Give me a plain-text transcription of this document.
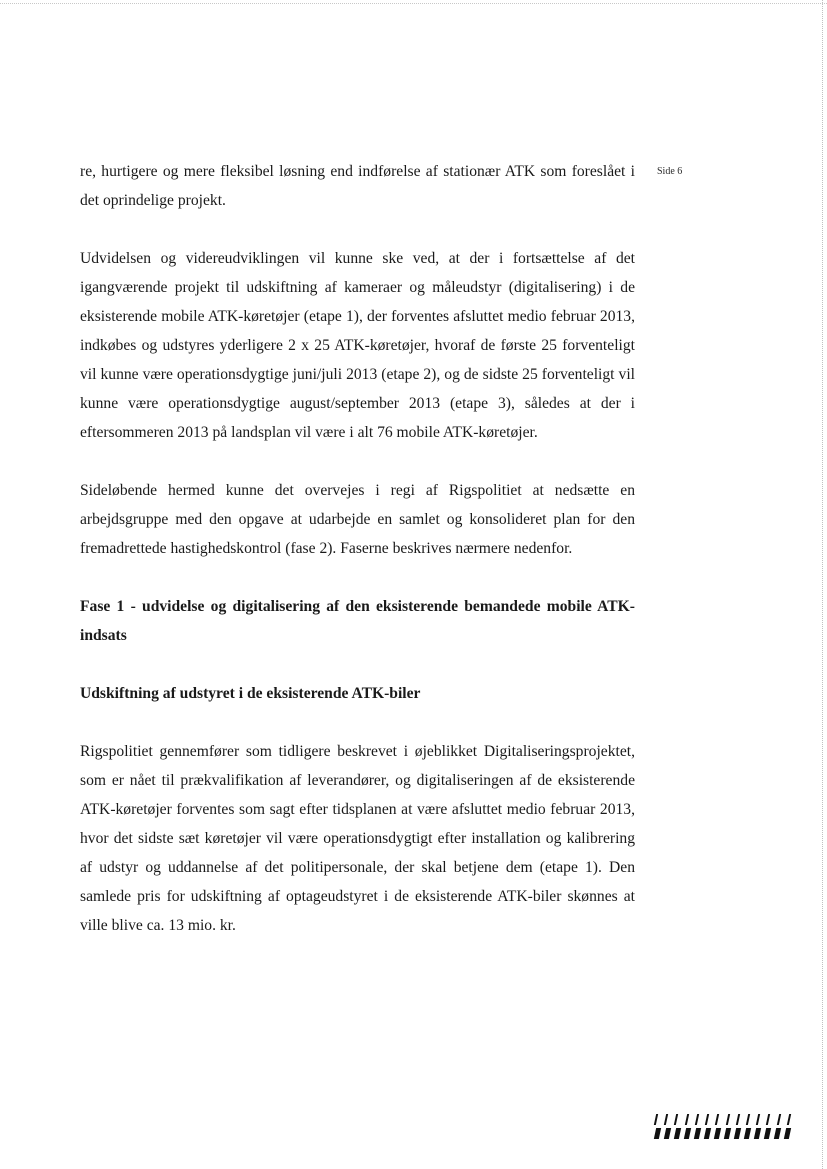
Side 6

re, hurtigere og mere fleksibel løsning end indførelse af stationær ATK som foreslået i det oprindelige projekt.

Udvidelsen og videreudviklingen vil kunne ske ved, at der i fortsættelse af det igangværende projekt til udskiftning af kameraer og måleudstyr (digitalisering) i de eksisterende mobile ATK-køretøjer (etape 1), der forventes afsluttet medio februar 2013, indkøbes og udstyres yderligere 2 x 25 ATK-køretøjer, hvoraf de første 25 forventeligt vil kunne være operationsdygtige juni/juli 2013 (etape 2), og de sidste 25 forventeligt vil kunne være operationsdygtige august/september 2013 (etape 3), således at der i eftersommeren 2013 på landsplan vil være i alt 76 mobile ATK-køretøjer.

Sideløbende hermed kunne det overvejes i regi af Rigspolitiet at nedsætte en arbejdsgruppe med den opgave at udarbejde en samlet og konsolideret plan for den fremadrettede hastighedskontrol (fase 2). Faserne beskrives nærmere nedenfor.

Fase 1 - udvidelse og digitalisering af den eksisterende bemandede mobile ATK-indsats
Udskiftning af udstyret i de eksisterende ATK-biler

Rigspolitiet gennemfører som tidligere beskrevet i øjeblikket Digitaliseringsprojektet, som er nået til prækvalifikation af leverandører, og digitaliseringen af de eksisterende ATK-køretøjer forventes som sagt efter tidsplanen at være afsluttet medio februar 2013, hvor det sidste sæt køretøjer vil være operationsdygtigt efter installation og kalibrering af udstyr og uddannelse af det politipersonale, der skal betjene dem (etape 1). Den samlede pris for udskiftning af optageudstyret i de eksisterende ATK-biler skønnes at ville blive ca. 13 mio. kr.
